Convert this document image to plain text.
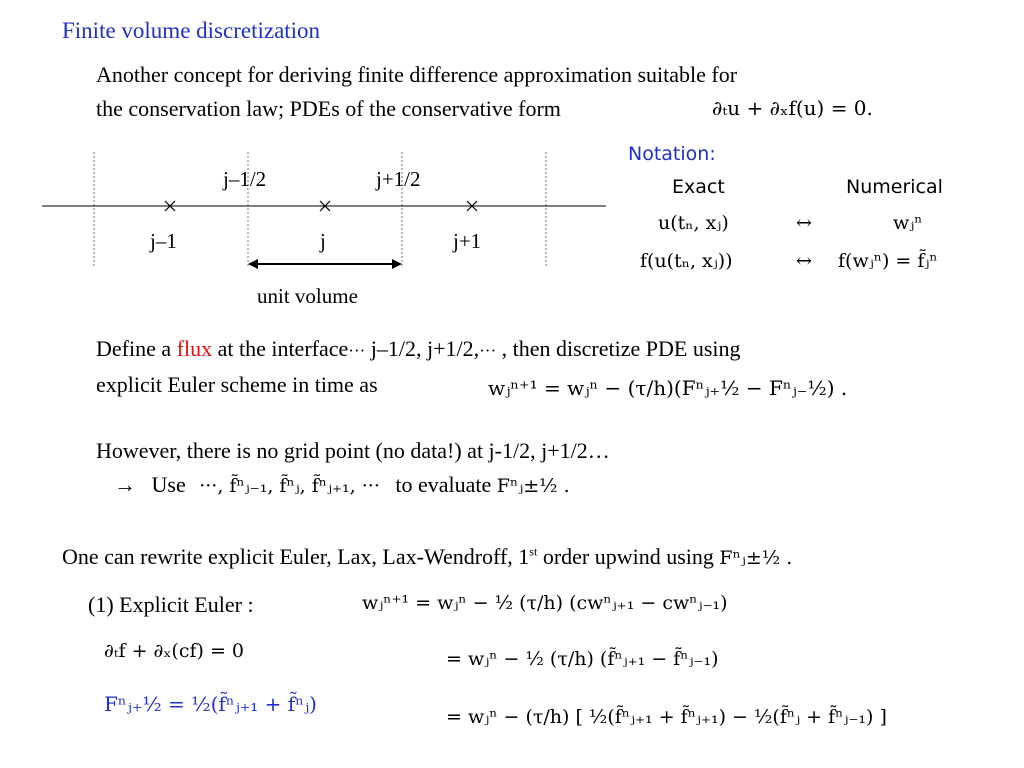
Finite volume discretization
Another concept for deriving finite difference approximation suitable for
the conservation law; PDEs of the conservative form	∂ₜu + ∂ₓf(u) = 0.
j–1/2	j+1/2
j–1	j	j+1
unit volume
Notation:
Exact	Numerical
u(tₙ, xⱼ)	↔	wⱼⁿ
f(u(tₙ, xⱼ))	↔ f(wⱼⁿ) = f̃ⱼⁿ
Define a flux at the interface··· j–1/2, j+1/2,··· , then discretize PDE using
explicit Euler scheme in time as	wⱼⁿ⁺¹ = wⱼⁿ − (τ/h)(Fⁿⱼ₊½ − Fⁿⱼ₋½) .
However, there is no grid point (no data!) at j-1/2, j+1/2…
→ Use ···, f̃ⁿⱼ₋₁, f̃ⁿⱼ, f̃ⁿⱼ₊₁, ··· to evaluate Fⁿⱼ±½ .
One can rewrite explicit Euler, Lax, Lax-Wendroff, 1st order upwind using Fⁿⱼ±½ .
(1) Explicit Euler :	wⱼⁿ⁺¹ = wⱼⁿ − ½ (τ/h) (cwⁿⱼ₊₁ − cwⁿⱼ₋₁)
∂ₜf + ∂ₓ(cf) = 0	= wⱼⁿ − ½ (τ/h) (f̃ⁿⱼ₊₁ − f̃ⁿⱼ₋₁)
Fⁿⱼ₊½ = ½(f̃ⁿⱼ₊₁ + f̃ⁿⱼ)
= wⱼⁿ − (τ/h) [ ½(f̃ⁿⱼ₊₁ + f̃ⁿⱼ₊₁) − ½(f̃ⁿⱼ + f̃ⁿⱼ₋₁) ]
